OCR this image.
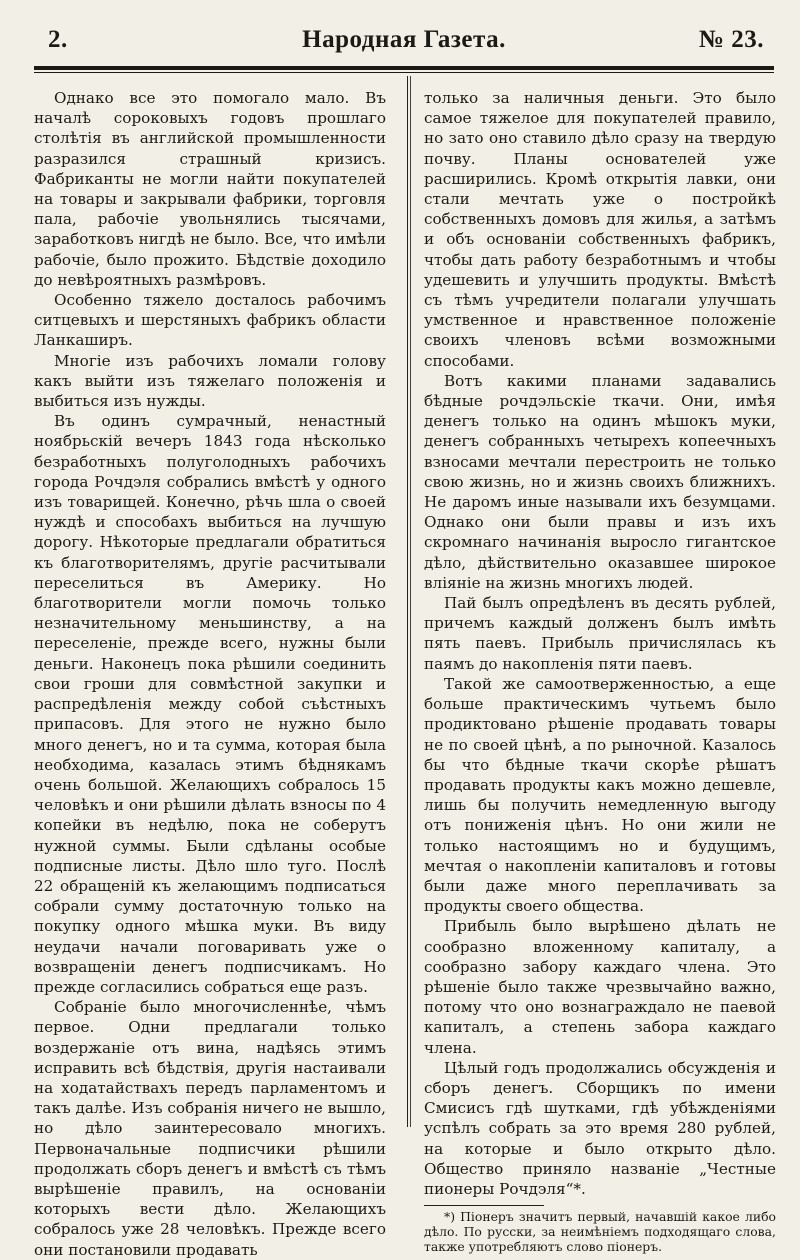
2.	Народная Газета.	№ 23.

Однако все это помогало мало. Въ началѣ сороковыхъ годовъ прошлаго столѣтія въ английской промышленности разразился страшный кризисъ. Фабриканты не могли найти покупателей на товары и закрывали фабрики, торговля пала, рабочіе увольнялись тысячами, заработковъ нигдѣ не было. Все, что имѣли рабочіе, было прожито. Бѣдствіе доходило до невѣроятныхъ размѣровъ.

Особенно тяжело досталось рабочимъ ситцевыхъ и шерстяныхъ фабрикъ области Ланкаширъ.

Многіе изъ рабочихъ ломали голову какъ выйти изъ тяжелаго положенія и выбиться изъ нужды.

Въ одинъ сумрачный, ненастный ноябрьскій вечеръ 1843 года нѣсколько безработныхъ полуголодныхъ рабочихъ города Рочдэля собрались вмѣстѣ у одного изъ товарищей. Конечно, рѣчь шла о своей нуждѣ и способахъ выбиться на лучшую дорогу. Нѣкоторые предлагали обратиться къ благотворителямъ, другіе расчитывали переселиться въ Америку. Но благотворители могли помочь только незначительному меньшинству, а на переселеніе, прежде всего, нужны были деньги. Наконецъ пока рѣшили соединить свои гроши для совмѣстной закупки и распредѣленія между собой съѣстныхъ припасовъ. Для этого не нужно было много денегъ, но и та сумма, которая была необходима, казалась этимъ бѣднякамъ очень большой. Желающихъ собралось 15 человѣкъ и они рѣшили дѣлать взносы по 4 копейки въ недѣлю, пока не соберутъ нужной суммы. Были сдѣланы особые подписные листы. Дѣло шло туго. Послѣ 22 обращеній къ желающимъ подписаться собрали сумму достаточную только на покупку одного мѣшка муки. Въ виду неудачи начали поговаривать уже о возвращеніи денегъ подписчикамъ. Но прежде согласились собраться еще разъ.

Собраніе было многочисленнѣе, чѣмъ первое. Одни предлагали только воздержаніе отъ вина, надѣясь этимъ исправить всѣ бѣдствія, другія настаивали на ходатайствахъ передъ парламентомъ и такъ далѣе. Изъ собранія ничего не вышло, но дѣло заинтересовало многихъ. Первоначальные подписчики рѣшили продолжать сборъ денегъ и вмѣстѣ съ тѣмъ вырѣшеніе правилъ, на основаніи которыхъ вести дѣло. Желающихъ собралось уже 28 человѣкъ. Прежде всего они постановили продавать

только за наличныя деньги. Это было самое тяжелое для покупателей правило, но зато оно ставило дѣло сразу на твердую почву. Планы основателей уже расширились. Кромѣ открытія лавки, они стали мечтать уже о постройкѣ собственныхъ домовъ для жилья, а затѣмъ и объ основаніи собственныхъ фабрикъ, чтобы дать работу безработнымъ и чтобы удешевить и улучшить продукты. Вмѣстѣ съ тѣмъ учредители полагали улучшать умственное и нравственное положеніе своихъ членовъ всѣми возможными способами.

Вотъ какими планами задавались бѣдные рочдэльскіе ткачи. Они, имѣя денегъ только на одинъ мѣшокъ муки, денегъ собранныхъ четырехъ копеечныхъ взносами мечтали перестроить не только свою жизнь, но и жизнь своихъ ближнихъ. Не даромъ иные называли ихъ безумцами. Однако они были правы и изъ ихъ скромнаго начинанія выросло гигантское дѣло, дѣйствительно оказавшее широкое вліяніе на жизнь многихъ людей.

Пай былъ опредѣленъ въ десять рублей, причемъ каждый долженъ былъ имѣть пять паевъ. Прибыль причислялась къ паямъ до накопленія пяти паевъ.

Такой же самоотверженностью, а еще больше практическимъ чутьемъ было продиктовано рѣшеніе продавать товары не по своей цѣнѣ, а по рыночной. Казалось бы что бѣдные ткачи скорѣе рѣшатъ продавать продукты какъ можно дешевле, лишь бы получить немедленную выгоду отъ пониженія цѣнъ. Но они жили не только настоящимъ но и будущимъ, мечтая о накопленіи капиталовъ и готовы были даже много переплачивать за продукты своего общества.

Прибыль было вырѣшено дѣлать не сообразно вложенному капиталу, а сообразно забору каждаго члена. Это рѣшеніе было также чрезвычайно важно, потому что оно вознаграждало не паевой капиталъ, а степень забора каждаго члена.

Цѣлый годъ продолжались обсужденія и сборъ денегъ. Сборщикъ по имени Смисисъ гдѣ шутками, гдѣ убѣжденіями успѣлъ собрать за это время 280 рублей, на которые и было открыто дѣло. Общество приняло названіе „Честные пионеры Рочдэля“*.

*) Піонеръ значитъ первый, начавшій какое либо дѣло. По русски, за неимѣніемъ подходящаго слова, также употребляютъ слово піонеръ.
